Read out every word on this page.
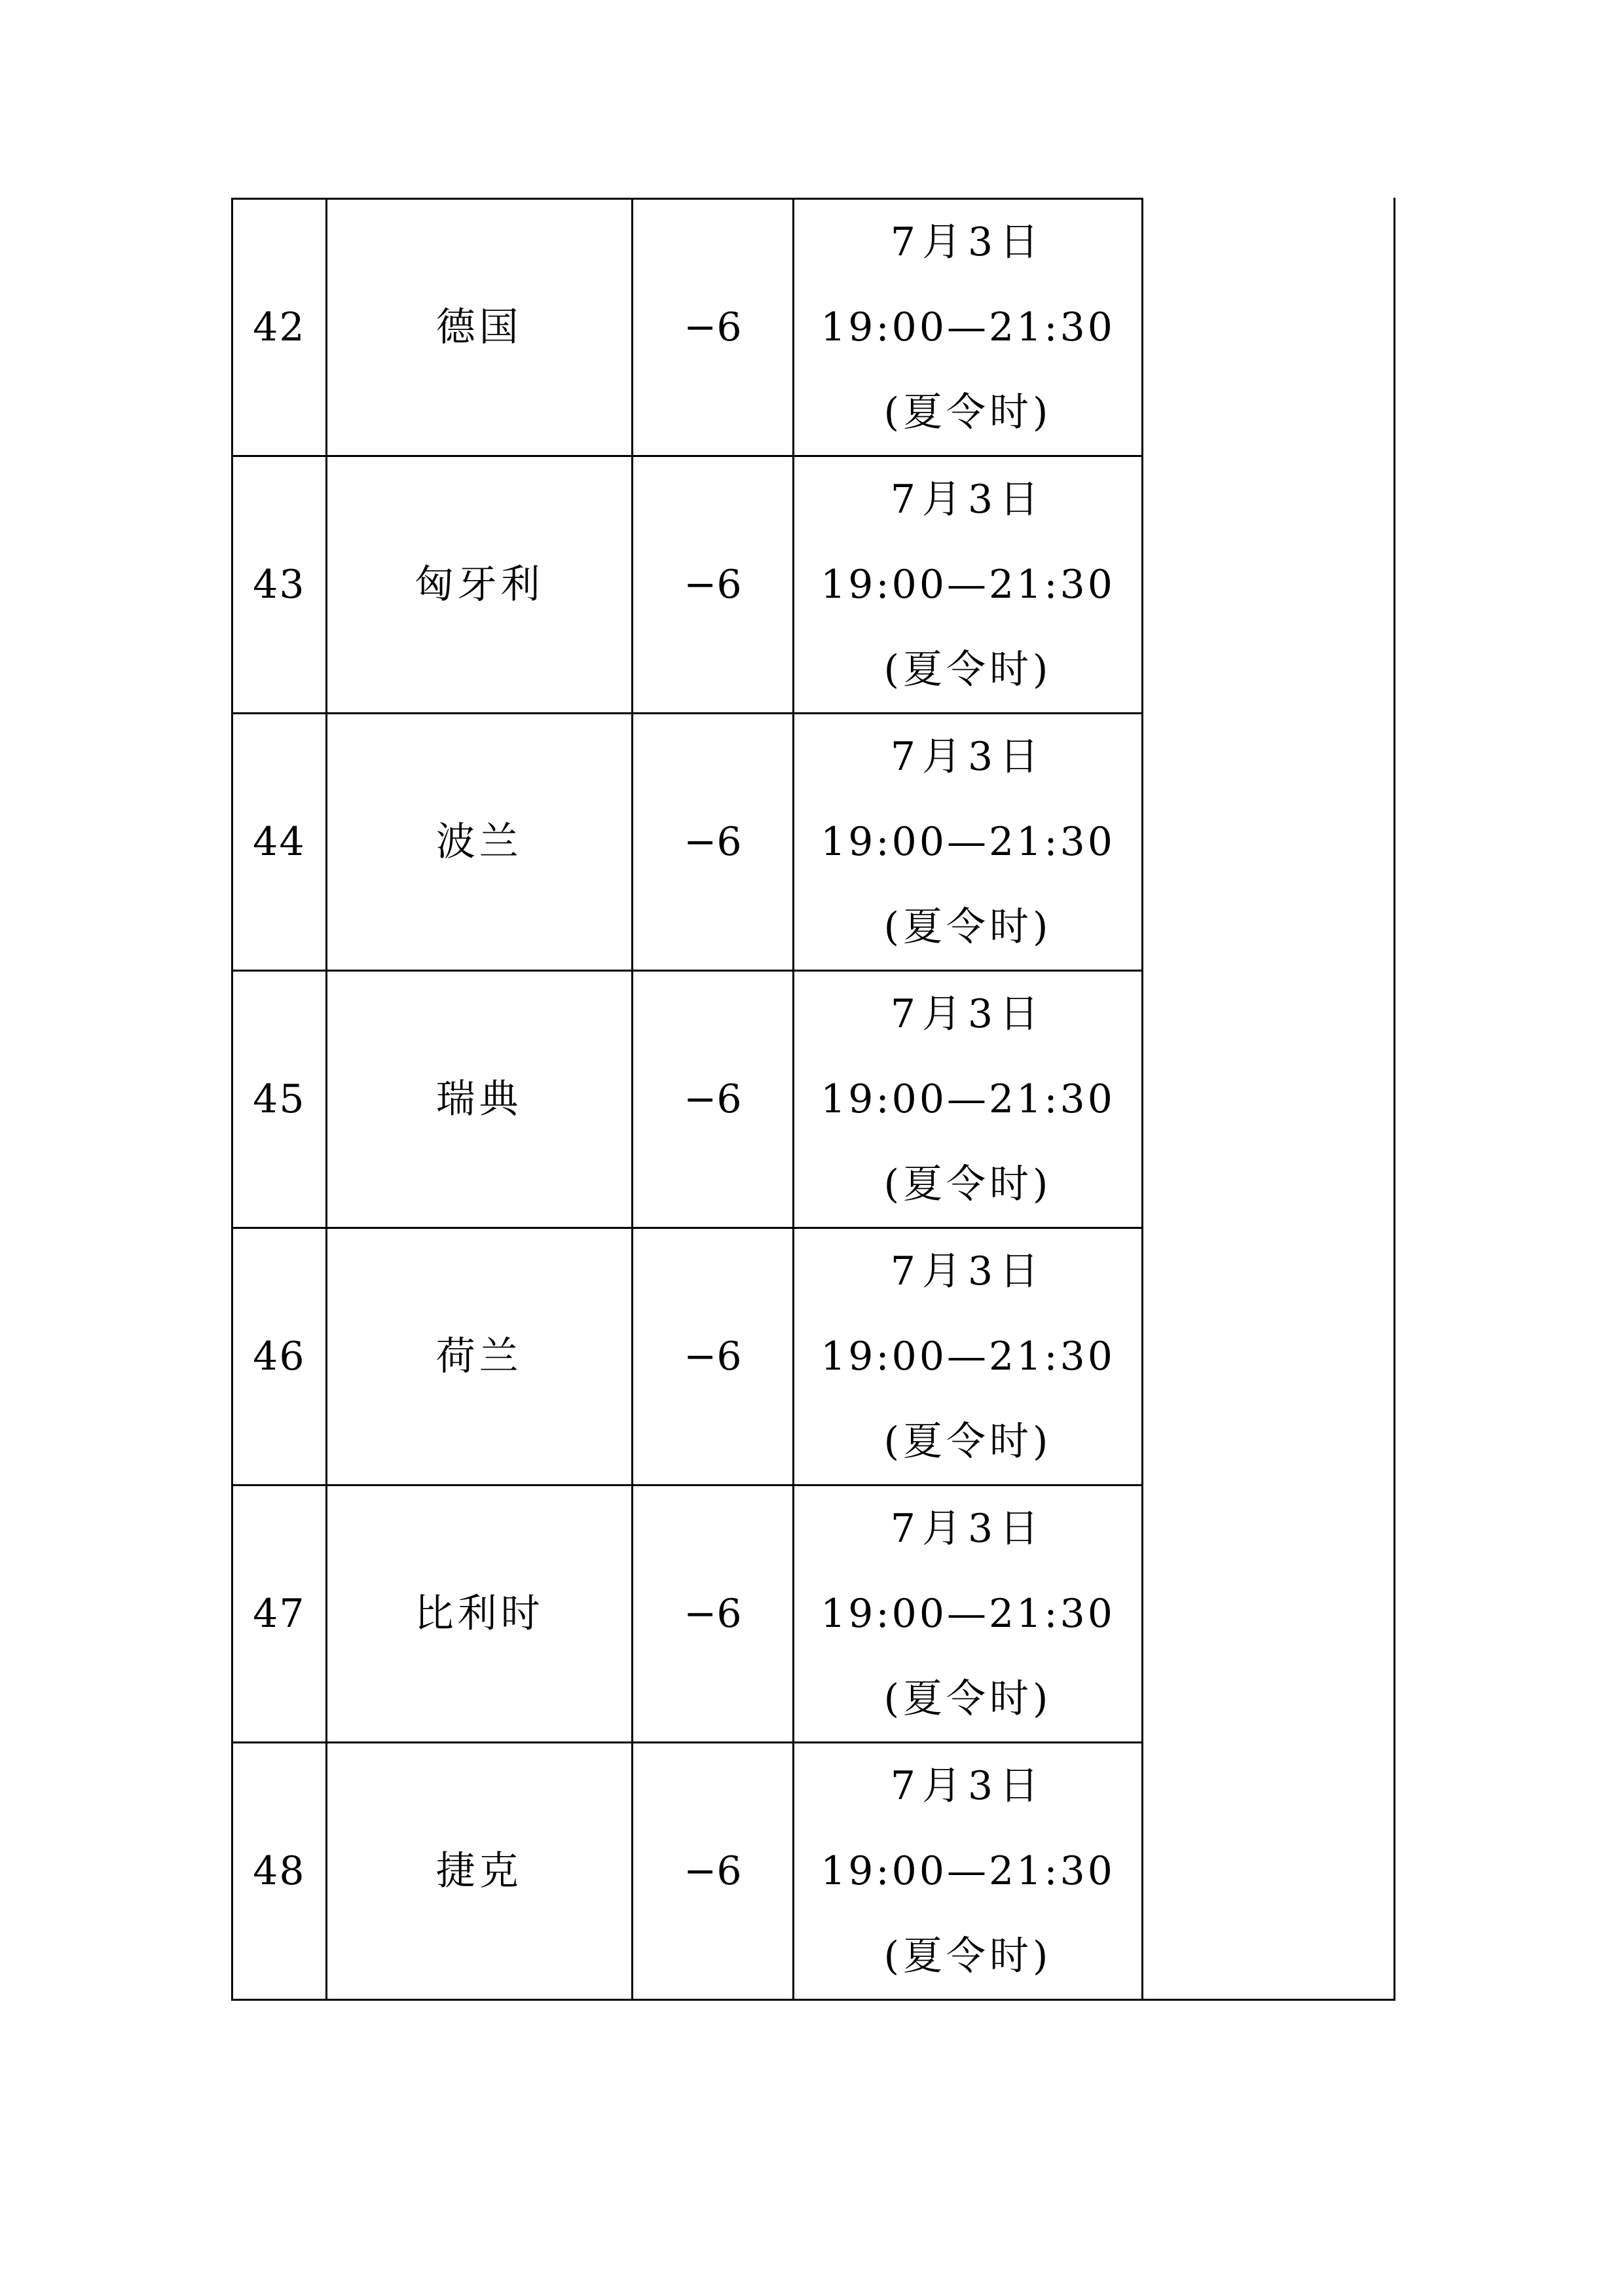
42	德国	−6	7月3日
19:00—21:30
(夏令时)	

43	匈牙利	−6	7月3日
19:00—21:30
(夏令时)	

44	波兰	−6	7月3日
19:00—21:30
(夏令时)	

45	瑞典	−6	7月3日
19:00—21:30
(夏令时)	

46	荷兰	−6	7月3日
19:00—21:30
(夏令时)	

47	比利时	−6	7月3日
19:00—21:30
(夏令时)	

48	捷克	−6	7月3日
19:00—21:30
(夏令时)	
